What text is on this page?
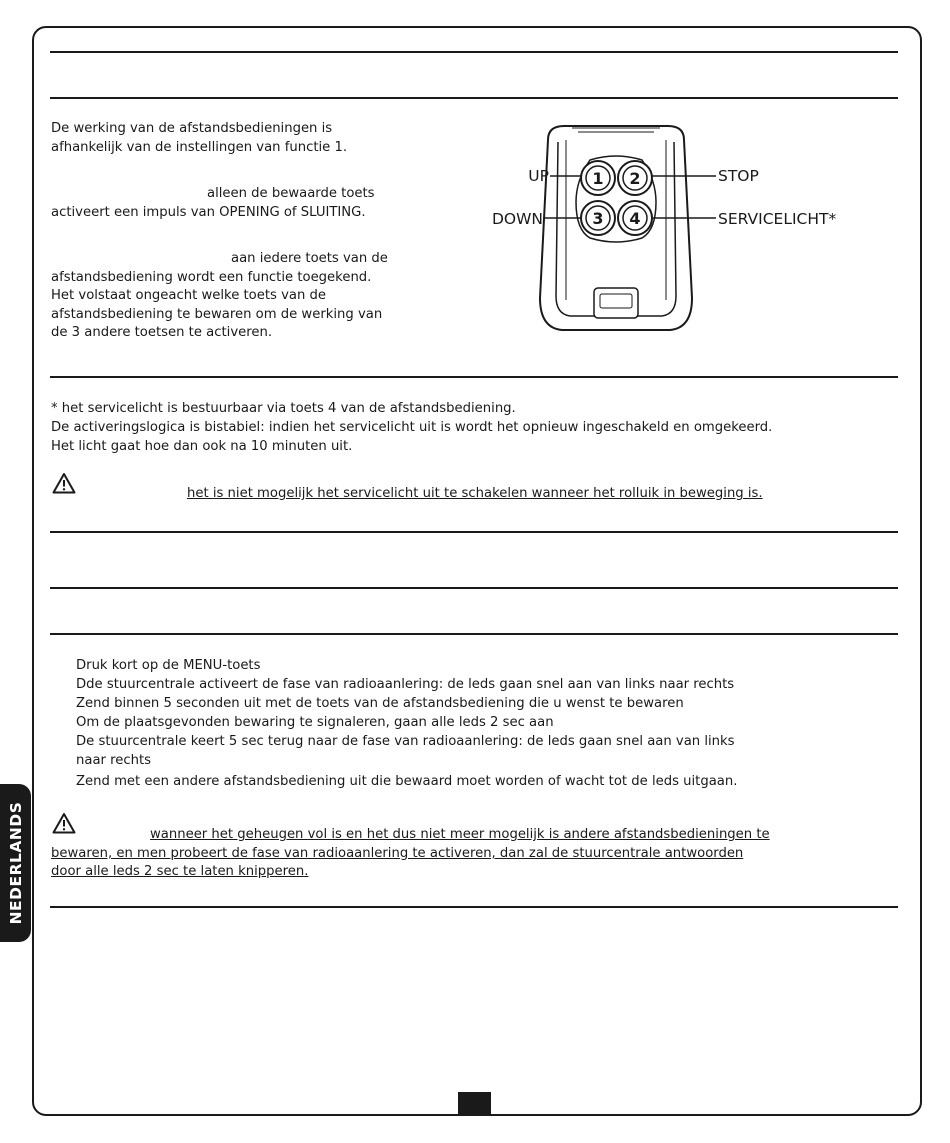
De werking van de afstandsbedieningen is
afhankelijk van de instellingen van functie 1.
alleen de bewaarde toets
activeert een impuls van OPENING of SLUITING.
aan iedere toets van de
afstandsbediening wordt een functie toegekend.
Het volstaat ongeacht welke toets van de
afstandsbediening te bewaren om de werking van
de 3 andere toetsen te activeren.
1 2
3 4
UP	STOP
DOWN	SERVICELICHT*
* het servicelicht is bestuurbaar via toets 4 van de afstandsbediening.
De activeringslogica is bistabiel: indien het servicelicht uit is wordt het opnieuw ingeschakeld en omgekeerd.
Het licht gaat hoe dan ook na 10 minuten uit.
het is niet mogelijk het servicelicht uit te schakelen wanneer het rolluik in beweging is.
Druk kort op de MENU-toets
Dde stuurcentrale activeert de fase van radioaanlering: de leds gaan snel aan van links naar rechts
Zend binnen 5 seconden uit met de toets van de afstandsbediening die u wenst te bewaren
Om de plaatsgevonden bewaring te signaleren, gaan alle leds 2 sec aan
De stuurcentrale keert 5 sec terug naar de fase van radioaanlering: de leds gaan snel aan van links
naar rechts
Zend met een andere afstandsbediening uit die bewaard moet worden of wacht tot de leds uitgaan.
wanneer het geheugen vol is en het dus niet meer mogelijk is andere afstandsbedieningen te
bewaren, en men probeert de fase van radioaanlering te activeren, dan zal de stuurcentrale antwoorden
door alle leds 2 sec te laten knipperen.
NEDERLANDS
